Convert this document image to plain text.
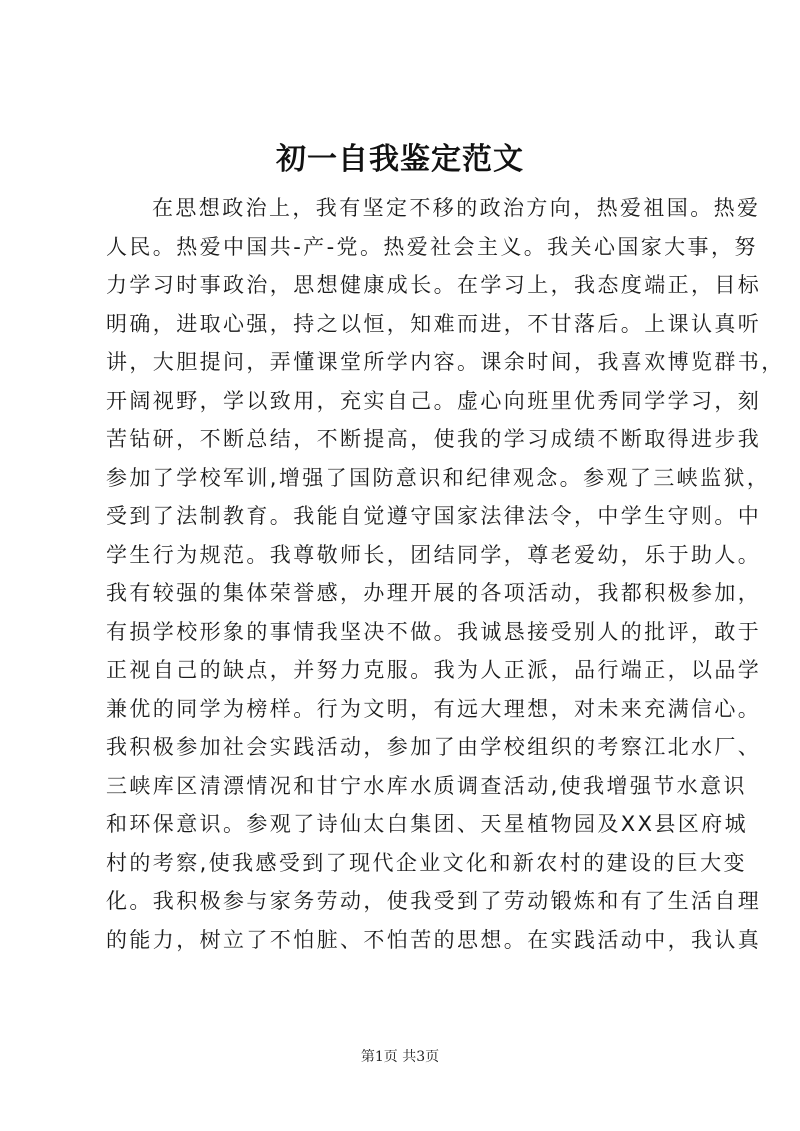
初一自我鉴定范文
在思想政治上，我有坚定不移的政治方向，热爱祖国。热爱
人民。热爱中国共-产-党。热爱社会主义。我关心国家大事，努
力学习时事政治，思想健康成长。在学习上，我态度端正，目标
明确，进取心强，持之以恒，知难而进，不甘落后。上课认真听
讲，大胆提问，弄懂课堂所学内容。课余时间，我喜欢博览群书，
开阔视野，学以致用，充实自己。虚心向班里优秀同学学习，刻
苦钻研，不断总结，不断提高，使我的学习成绩不断取得进步我
参加了学校军训,增强了国防意识和纪律观念。参观了三峡监狱，
受到了法制教育。我能自觉遵守国家法律法令，中学生守则。中
学生行为规范。我尊敬师长，团结同学，尊老爱幼，乐于助人。
我有较强的集体荣誉感，办理开展的各项活动，我都积极参加，
有损学校形象的事情我坚决不做。我诚恳接受别人的批评，敢于
正视自己的缺点，并努力克服。我为人正派，品行端正，以品学
兼优的同学为榜样。行为文明，有远大理想，对未来充满信心。
我积极参加社会实践活动，参加了由学校组织的考察江北水厂、
三峡库区清漂情况和甘宁水库水质调查活动,使我增强节水意识
和环保意识。参观了诗仙太白集团、天星植物园及XX县区府城
村的考察,使我感受到了现代企业文化和新农村的建设的巨大变
化。我积极参与家务劳动，使我受到了劳动锻炼和有了生活自理
的能力，树立了不怕脏、不怕苦的思想。在实践活动中，我认真
第1页 共3页
